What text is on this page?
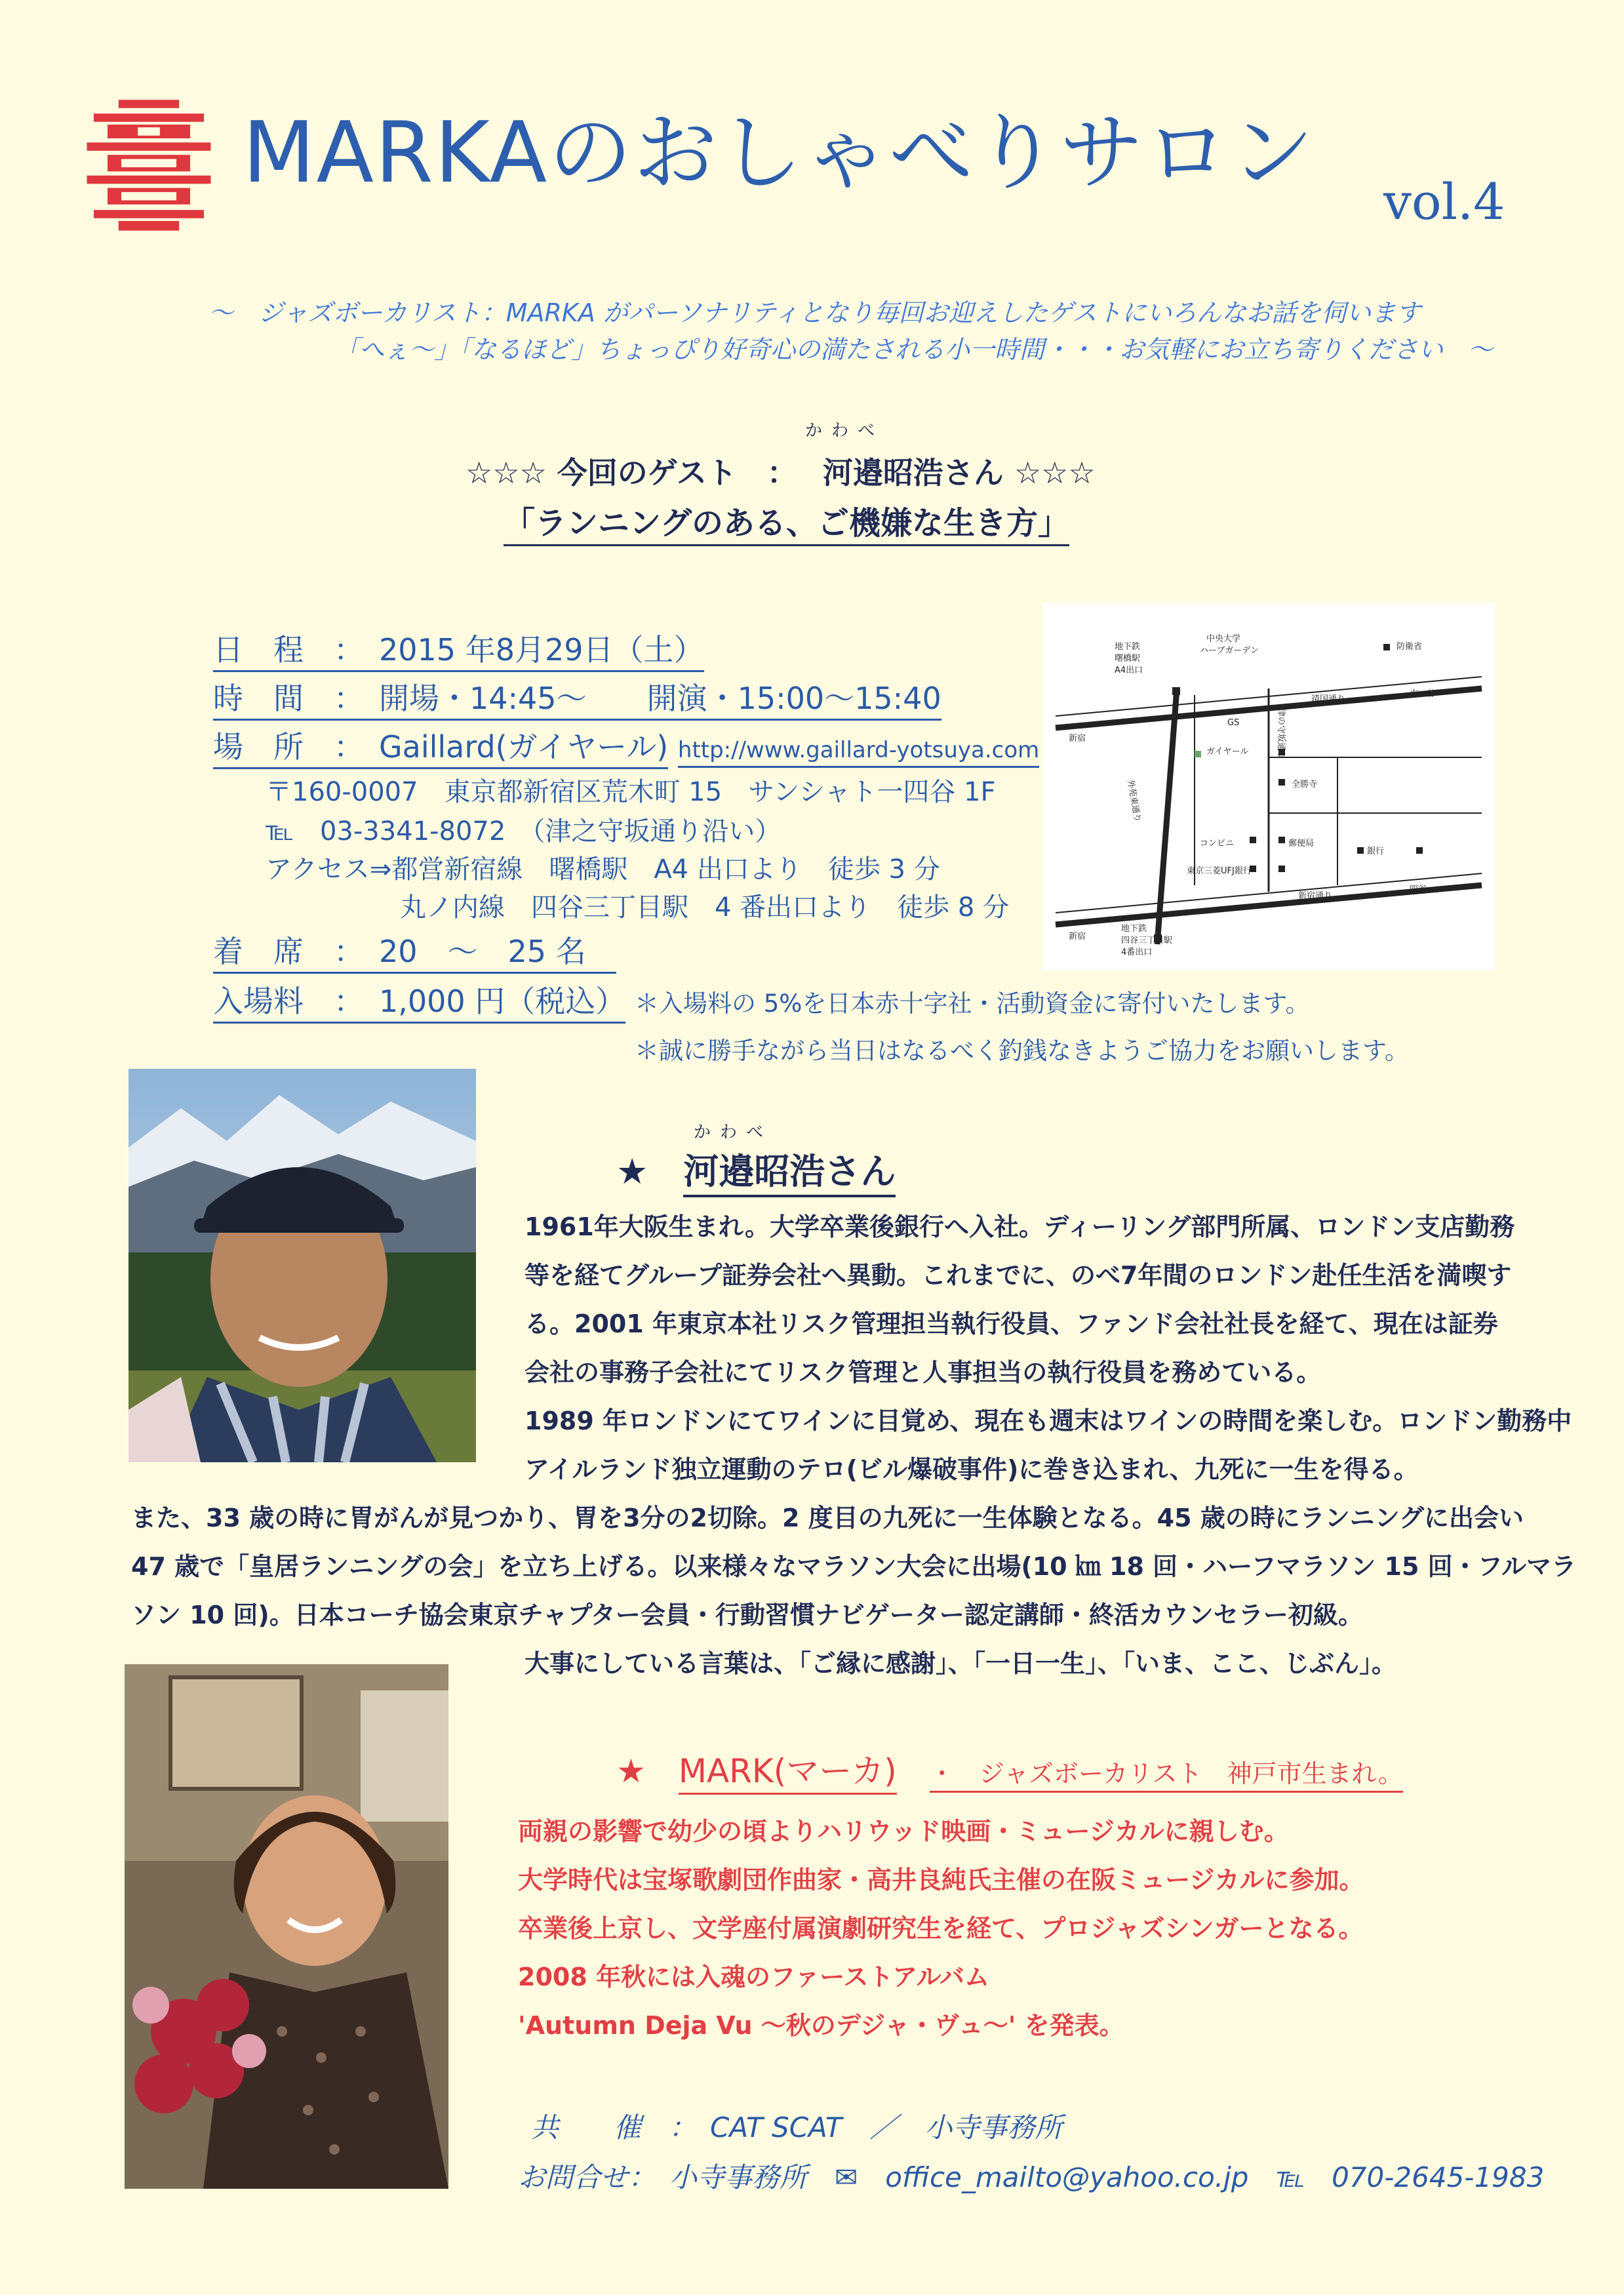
MARKAのおしゃべりサロン vol.4
〜　ジャズボーカリスト：MARKA がパーソナリティとなり毎回お迎えしたゲストにいろんなお話を伺います
「へぇ〜」「なるほど」ちょっぴり好奇心の満たされる小一時間・・・お気軽にお立ち寄りください　〜
かわべ
☆☆☆ 今回のゲスト　：　 河邉昭浩さん ☆☆☆
「ランニングのある、ご機嫌な生き方」
日　程　：　2015 年8月29日（土）
時　間　：　開場・14:45〜　　 開演・15:00〜15:40
場　所　：　Gaillard(ガイヤール) http://www.gaillard-yotsuya.com
〒160-0007　東京都新宿区荒木町 15　サンシャト一四谷 1F
℡　03-3341-8072　（津之守坂通り沿い）
アクセス⇒都営新宿線　曙橋駅　A4 出口より　徒歩 3 分
丸ノ内線　四谷三丁目駅　4 番出口より　徒歩 8 分
着　席　：　20　〜　25 名　
入場料　：　1,000 円（税込） ＊入場料の 5%を日本赤十字社・活動資金に寄付いたします。
＊誠に勝手ながら当日はなるべく釣銭なきようご協力をお願いします。
地下鉄
曙橋駅
A4出口
中央大学
ハーブガーデン	防衛省
靖国通り
市ヶ谷
新宿
GS	津の守坂通り
外苑東通り
ガイヤール
全勝寺
コンビニ	郵便局
東京三菱UFJ銀行
銀行
新宿通り
四谷
新宿
地下鉄
四谷三丁目駅
4番出口
かわべ
★　 河邉昭浩さん
1961年大阪生まれ。大学卒業後銀行へ入社。ディーリング部門所属、ロンドン支店勤務
等を経てグループ証券会社へ異動。これまでに、のべ7年間のロンドン赴任生活を満喫す
る。2001 年東京本社リスク管理担当執行役員、ファンド会社社長を経て、現在は証券
会社の事務子会社にてリスク管理と人事担当の執行役員を務めている。
1989 年ロンドンにてワインに目覚め、現在も週末はワインの時間を楽しむ。ロンドン勤務中
アイルランド独立運動のテロ(ビル爆破事件)に巻き込まれ、九死に一生を得る。
また、33 歳の時に胃がんが見つかり、胃を3分の2切除。2 度目の九死に一生体験となる。45 歳の時にランニングに出会い
47 歳で「皇居ランニングの会」を立ち上げる。以来様々なマラソン大会に出場(10 ㎞ 18 回・ハーフマラソン 15 回・フルマラ
ソン 10 回)。日本コーチ協会東京チャプター会員・行動習慣ナビゲーター認定講師・終活カウンセラー初級。
大事にしている言葉は、「ご縁に感謝」、「一日一生」、「いま、ここ、じぶん」。
★　 MARK(マーカ)　 ・　ジャズボーカリスト　神戸市生まれ。
両親の影響で幼少の頃よりハリウッド映画・ミュージカルに親しむ。
大学時代は宝塚歌劇団作曲家・高井良純氏主催の在阪ミュージカルに参加。
卒業後上京し、文学座付属演劇研究生を経て、プロジャズシンガーとなる。
2008 年秋には入魂のファーストアルバム
'Autumn Deja Vu 〜秋のデジャ・ヴュ〜' を発表。
共　　催　：　 CAT SCAT　／　小寺事務所
お問合せ：　 小寺事務所　 ✉　 office_mailto@yahoo.co.jp　 ℡　 070-2645-1983
